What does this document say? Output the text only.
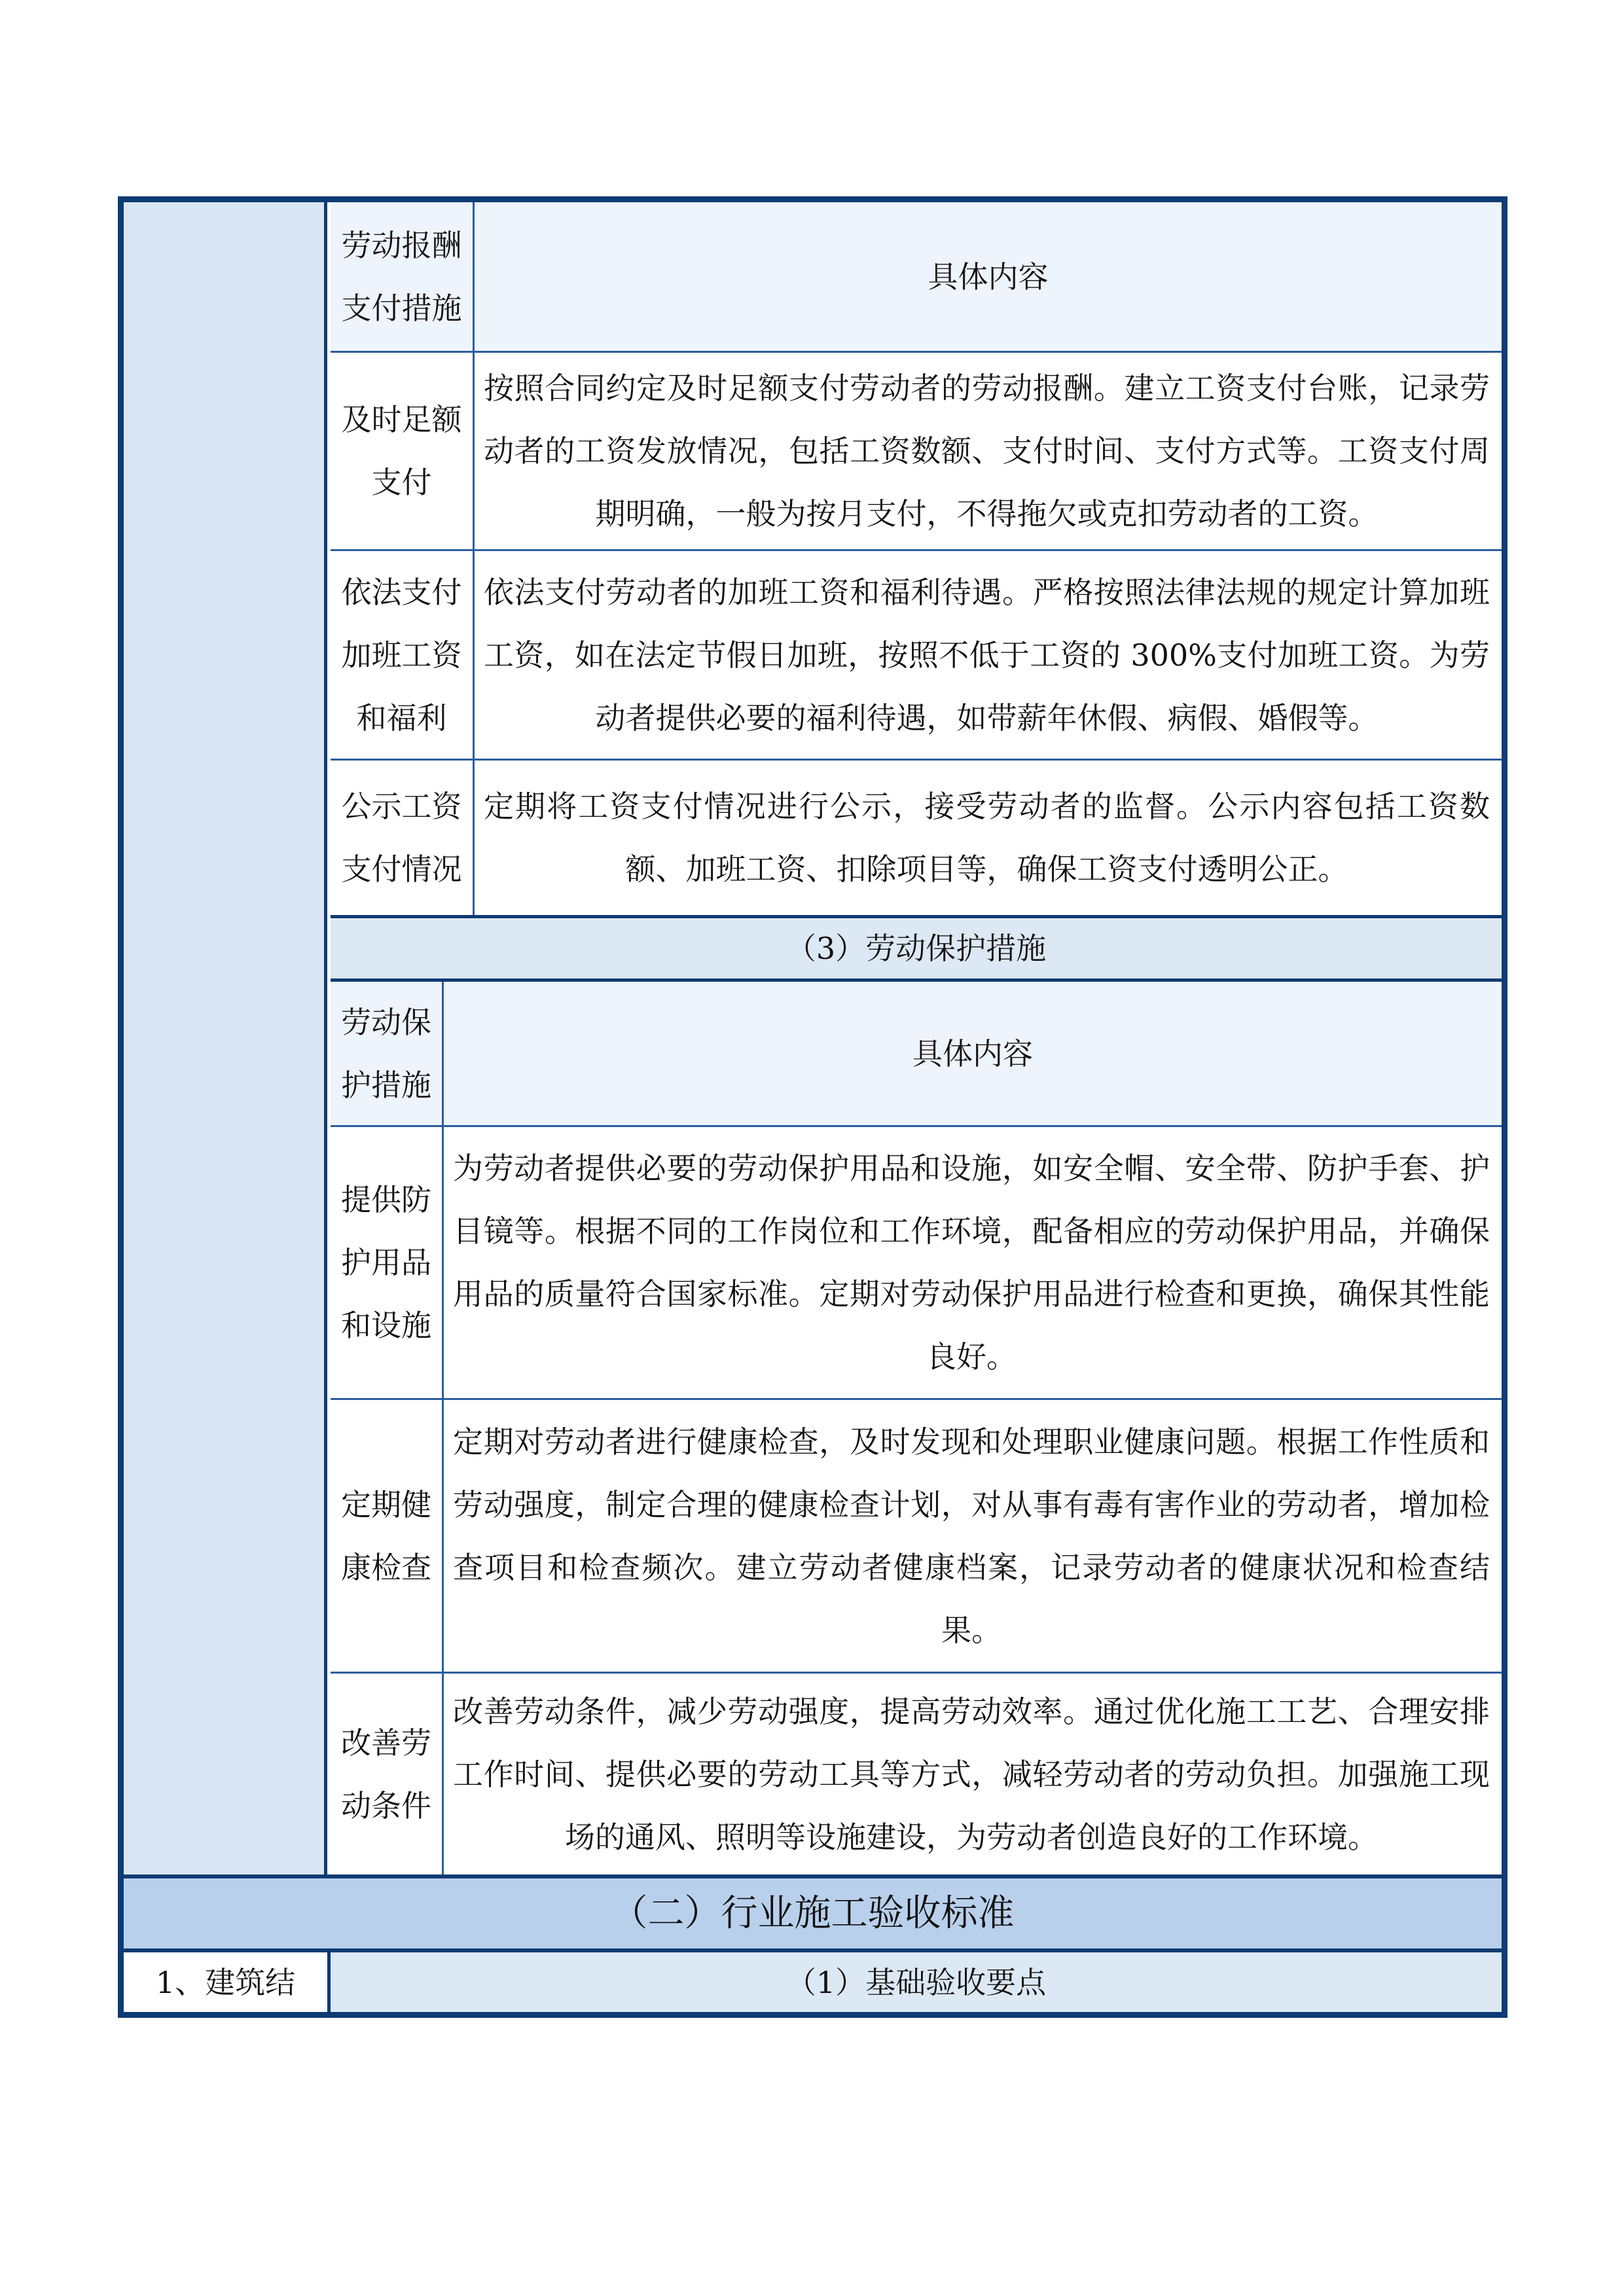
劳动报酬
支付措施
具体内容
及时足额
支付
按照合同约定及时足额支付劳动者的劳动报酬。建立工资支付台账，记录劳动者的工资发放情况，包括工资数额、支付时间、支付方式等。工资支付周期明确，一般为按月支付，不得拖欠或克扣劳动者的工资。
依法支付
加班工资
和福利
依法支付劳动者的加班工资和福利待遇。严格按照法律法规的规定计算加班工资，如在法定节假日加班，按照不低于工资的 300%支付加班工资。为劳动者提供必要的福利待遇，如带薪年休假、病假、婚假等。
公示工资
支付情况
定期将工资支付情况进行公示，接受劳动者的监督。公示内容包括工资数额、加班工资、扣除项目等，确保工资支付透明公正。
（3）劳动保护措施
劳动保
护措施
具体内容
提供防
护用品
和设施
为劳动者提供必要的劳动保护用品和设施，如安全帽、安全带、防护手套、护目镜等。根据不同的工作岗位和工作环境，配备相应的劳动保护用品，并确保用品的质量符合国家标准。定期对劳动保护用品进行检查和更换，确保其性能良好。
定期健
康检查
定期对劳动者进行健康检查，及时发现和处理职业健康问题。根据工作性质和劳动强度，制定合理的健康检查计划，对从事有毒有害作业的劳动者，增加检查项目和检查频次。建立劳动者健康档案，记录劳动者的健康状况和检查结果。
改善劳
动条件
改善劳动条件，减少劳动强度，提高劳动效率。通过优化施工工艺、合理安排工作时间、提供必要的劳动工具等方式，减轻劳动者的劳动负担。加强施工现场的通风、照明等设施建设，为劳动者创造良好的工作环境。
（二）行业施工验收标准
1、建筑结	（1）基础验收要点
